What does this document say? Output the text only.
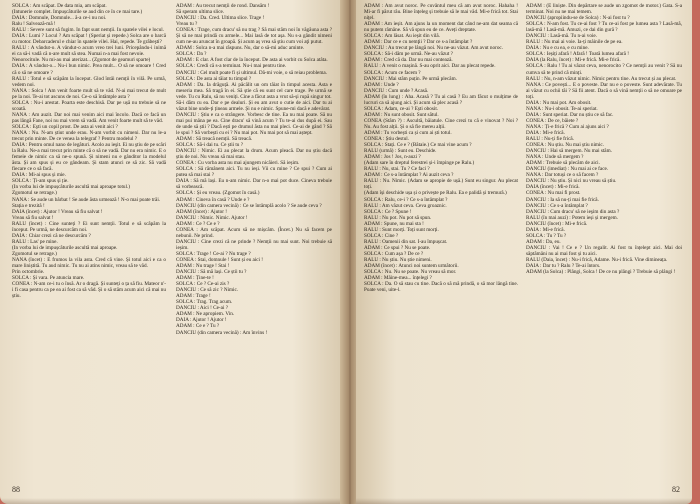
SOLCA : Am scăpat. De data mia, am scăpat.

(Intunerie complet. Impușcăturile se aud din ce în ce mai tare.)

DAIA : Domnule, Domnule... ă-a ce-i nu noi.

Ralu ! Salvează-mă !

RALU : Severe sunt să fugim. In fapt sunt nemții. In spatele vilei e locul.

DAIA : Lumi ? Locul ? Am scăpat ! (Speriat și repede.) Solca are o barcă cu motor. Debarcaderul e chiar în spatele vilei. Hai, repede. Te grăbeşti?

RALU : A vândut-o. A vândut-o acum vreo trei luni. Pricepându-i inimă ei ca să-i vadă că n-are mult să stea. Numai n-a mai fost nevoie.

Nenorocitule. Nu mi-au mai aterizat... (Zgomot de geamuri sparte)

DAIA : A vândut-o... Nu-i bun nimic. Prea mult... O să ne omoare ! Cred că o să ne omoare ?

RALU : Totul e să scăpăm la început. Glod întâi nemții în vilă. Pe urmă, vedem noi.

NANA : Solca ! Am venit foarte mult să te văd. N-ai mai trecut de mult pe la noi. Te-ai tot ascuns de noi. Ce-o să întâmple asta ?

SOLCA : Nu-i arestat. Poarta este deschisă. Dar pe ușă nu trebuie să ne scoată.

NANA : Am auzit. Dar noi mai venim aici mai încolo. Dacă ce facă un pas lângă Fane, noi nu mai vrem să vadă. Am venit foarte mult să te văd.

SOLCA : Eşti un copil prost. De asta ai venit aici ?

NANA : Nu. N-am știut unde erau. N-am vorbit cu nimeni. Dar nu le-a trecut prin minte. De ce venea la telegraf ? Pentru modelul ?

DAIA : Pentru omul nano de legături. Acolo au ieşit. Ei nu ştiu de pe scări la Ralu. Ne-a mai trecut prin minte că o să ne vadă. Dar nu era nimic. E o femeie de nimic ca să ne-o spună. Și nimeni nu e gânditor la modelul ăsta. Și am spus și eu ce gândeam. Și stam atunci ce să zic. Să vadă fiecare ce o să facă.

DAIA : Mi-ai spus și mie.

SOLCA : Ți-am spus și ție.

(In vorba lui de impușcăturile ascultă mai aproape totul.)

Zgomotul se retrage.)

NANA : Se aude un bărbat ! Se aude ăsta urmează ! N-o mai poate trăi.

Stația e trezită !

DAIA (încet) : Ajutor ! Vreau să fiu salvat !

Vreau să fiu salvat !

RALU (încet) : Cine sunteți ? Ei sunt nemții. Totul e să scăpăm la început. Pe urmă, ne descurcăm noi.

DAIA : Chiar crezi că ne descurcăm ?

RALU : Las' pe mine.

(In vorba lui de impușcăturile ascultă mai aproape.

Zgomotul se retrage.)

NANA (încet) : E frumos la vila asta. Cred că vine. Și totul aici e ca o mare liniștită. Tu aud nimic. Tu nu ai atins nimic, vreau să te văd.

Prin octombrie.

SOLCA : Și vara. Pe atuncia mare.

CONEA : N-am ce-i tu o însă. Ar o dragă. Și sunteți o ța să fiu. Mateor n'-i fi casa pentru ca pe ea ai fost ca să văd. Și o să stăm acum aici că mai nu știu.

ADAM : Au trecut nemții de rond. Dansăm !

Să speram ultima slice.

DANCIU : Da. Cred. Ultima slice. Trage !

Vreau tu ?

CONEA : Trage, cum dracu' să nu trag ? Să mai stăm noi în văgăuna asta ? Și să ne mai prindă cu armele... Mai lasă de tot așa. Nu s-a gândit nimeni cum ne-au aruncat în groapă. Și acum aș vrea să ştiu cum voi aţi putut.

ADAM : Solca n-a mai răspuns. Nu, dar o să-mi aduc aminte.

SOLCA : Da ?

ADAM : E clar. A fost clar de la început. De asta ai vorbit cu Solca atâta.

SOLCA : Credi că s-a terminat. Nu-i mai pentru tine.

DANCIU : Cel mult poate fi și ultimul. Dă-mi voie, o să reiau problema.

SOLCA : De asta ai tăiat tu timpul ?

ADAM : Da. Ia drăguță. Ai păcălit un om tăiat în timpul acesta. Asta e meseria mea. Să tragă în ei. Să știe că eu sunt cel care trage. Pe urmă se vede. Tu cu Ralu, să nu veniți. Cine a făcut asta a vrut să-și rupă singur tot.

Să-i dăm cu ea. Dar e pe dealuri. Și eu am avut o cutie de aici. Dar tu ai văzut bine unde-ți țineau armele. Și nu e nimic. Spune-mi dacă e adevărat.

DANCIU : Știu e ca o strângere. Vorbesc de tine. Ea nu mai poate. Să nu mai pui mâna pe ea. Cine dracu' să vină acum ? Tu te-ai dus după ei. Sau de unde să știi ? Dacă ești pe drumul ăsta nu mai pleci. Ce-ai de gând ? Să le spui ? Să vorbești cu ei ? Nu mai pot. Nu mai pot să mai aștept.

ADAM : Să treacă nemții. Să treacă.

SOLCA : Să-i dai tu. Ce știi tu ?

DANCIU : Nimic. Ei au plecat la drum. Acum pleacă. Dar nu știu dacă știu de noi. Nu vreau să mai stau.

CONEA : Cu vorba asta nu mai ajungem nicăieri. Să ieșim.

SOLCA : Să rămânem aici. Tu nu ieși. Vii cu mine ? Ce spui ? Cum ai putea să mai stai ?

DAIA : Să mă lași. Eu n-am nimic. Dar n-o mai pot duce. Cineva trebuie să vorbească.

SOLCA : Și eu vreau. (Zgomot în casă.)

ADAM : Cineva în casă ? Unde e ?

DANCIU (din camera vecină) : Ce se întâmplă acolo ? Se aude ceva ?

ADAM (încet) : Ajutor !

DANCIU : Nimic. Nimic. Ajutor !

ADAM : Ce ? Ce e ?

CONEA : Am scăpat. Acum să ne mișcăm. (Încet.) Nu să facem pe nebunii. Ne prind.

DANCIU : Cine crezi că ne prinde ? Nemții nu mai sunt. Noi trebuie să ieșim.

SOLCA : Trage ! Ce-ai ? Nu trage ?

CONEA : Stai, domnule ! Sunt și eu aici !

ADAM : Nu trage ! Stai !

DANCIU : Să mă lași. Ce știi tu ?

ADAM : Ține-te !

SOLCA : Ce ? Ce-ai zis ?

DANCIU : Ce să zic ? Nimic.

ADAM : Trage !

SOLCA : Trag. Trag acum.

DANCIU : Aici ! Ce-ai ?

ADAM : Ne apropiem. Vin.

DAIA : Ajutor ! Ajutor !

ADAM : Ce e ? Tu ?

DANCIU (din camera vecină) : Am învins !

88

ADAM : Am avut noroc. Pe cuvântul meu că am avut noroc. Hahaha ! Mi-ar fi părut rău. Bine înțeleg și trebuie să le mai văd. Mi-e frică tot. Stai niţel.

ADAM : Am ieșit. Am ajuns la un moment dat când ne-am dat seama că nu putem rămâne. Să vă spun eu de ce. Aveți dreptate.

SOLCA : Am lăsat. Au ieșit din vilă.

ADAM : Dar ce e cu nemţii ? Dar ce s-a întâmplat ?

DANCIU : Au trecut pe lângă noi. Nu ne-au văzut. Am avut noroc.

SOLCA : Să-i dăm pe urmă. Ne-au văzut ?

ADAM : Cred că da. Dar nu mai contează.

RALU : A venit o mașină. S-au oprit aici. Dar au plecat repede.

SOLCA : Acum ce facem ?

DANCIU : Mai stăm puțin. Pe urmă plecăm.

ADAM : Unde ?

DANCIU : Cum unde ? Acasă.

ADAM (în lung) : Aha. Acasă ? Tu ai casă ? Eu am făcut o mulțime de lucruri ca să ajung aici. Și acum să plec acasă ?

SOLCA : Adam, ce-ai ? Ești obosit.

ADAM : Nu sunt obosit. Sunt sătul.

CONEA (Stăm ?) : Ascultă, băiatule. Cine crezi tu că e vinovat ? Noi ? Nu. Au fost alții. Și o să fie mereu alții.

ADAM : Tu vorbești ca și cum ai ști totul.

CONEA : Știu destul.

SOLCA : Stați. Ce e ? (Bătaie.) Ce mai vine acum ?

RALU (urmă) : Sunt eu. Deschide.

ADAM : Jos ! Jos, n-auzi ?

(Adam sare în dreptul ferestrei și-i împinge pe Ralu.)

RALU : Nu, stai. Tu ? Ce faci ?

ADAM : Ce s-a întâmplat ? Ai auzit ceva ?

RALU : Nu. Nimic. (Adam se apropie de ușă.) Sunt eu singur. Au plecat toți.

(Adam își deschide ușa și o privește pe Ralu. Ea e palidă și tremură.)

SOLCA : Ralu, ce-i ? Ce s-a întâmplat ?

RALU : Am văzut ceva. Ceva groaznic.

SOLCA : Ce ? Spune !

RALU : Nu pot. Nu pot să spun.

ADAM : Spune, nu mai sta !

RALU : Sunt morți. Toți sunt morți.

SOLCA : Cine ?

RALU : Oamenii din sat. I-au împușcat.

ADAM : Ce spui ? Nu se poate.

SOLCA : Cum așa ? De ce ?

RALU : Nu știu. Nu știe nimeni.

ADAM (încet) : Atunci noi suntem următorii.

SOLCA : Nu. Nu se poate. Nu vreau să mor.

ADAM : Mâine-mea... înțelegi ?

SOLCA : Da. O să stau cu tine. Dacă o să mă prindă, o să mor lângă tine. Poate veni, uite-l.

ADAM : (E liniște. Din depărtare se aude un zgomot de motor.) Gata. S-a terminat. Noi nu ne mai temem.

DANCIU (apropiindu-se de Solca) : N-ai fost tu ?

SOLCA : N-am fost. Tu ce-ai fost ? Tu ce-ai fost pe lumea asta ? Lasă-mă, lasă-mă ! Lasă-mă. Amuzi, ce dai din gură ?

DANCIU : Lasă-mă. Tu n-ai voie.

RALU : Nu mai ai voie. Ia-ți mâinile de pe ea.

DAIA : Nu e cu ea, e cu mine.

SOLCA : Ieșiți afară ! Afară ! Toată lumea afară !

DAIA (la Ralu, încet) : Mi-e frică. Mi-e frică.

SOLCA : Ralu ! Tu ai văzut ceva, nenorocito ? Ce nemții au venit ? Să nu cumva să te prind că minți.

RALU : Nu, n-am văzut nimic. Nimic pentru tine. Au trecut și au plecat.

NANA : Ce povești... E o poveste. Dar nu e o poveste. Sunt adevărate. Tu ai văzut cu ochii tăi ? Să fii atent. Dacă o să vină nemții o să ne omoare pe toți.

DAIA : Nu mai pot. Am obosit.

NANA : Nu-i obosit. Te-ai speriat.

DAIA : Sunt speriat. Dar nu știu ce să fac.

CONEA : De ce, băiete ?

NANA : Ți-e frică ? Cum ai ajuns aici ?

DAIA : Mi-e frică.

RALU : Nu-ți fie frică.

CONEA : Nu știu. Nu mai știu nimic.

DANCIU : Hai să mergem. Nu mai stăm.

NANA : Unde să mergem ?

ADAM : Trebuie să plecăm de aici.

DANCIU (imediat) : Nu mai ai ce face.

NANA : Dar totuși ce o să facem ?

DANCIU : Nu știu. Și nici nu vreau să știu.

DAIA (încet) : Mi-e frică.

CONEA : Nu mai fi prost.

DANCIU : Ia să nu-ți mai fie frică.

DANCIU : Ce s-a întâmplat ?

DANCIU : Cum dracu' să ne ieşim din asta ?

RALU (în mai auzi) : Potem ieși și mergem.

DANCIU (încet) : Mi-e frică.

DAIA : Mi-e frică.

SOLCA : Tu ? Tu ?

ADAM : Da, eu.

DANCIU : Vai ! Ce e ? Un regalit. Ai fost tu înțelept aici. Mai doi săptămâni nu ai mai fost și tu aici.

RALU (Daia, încet) : Nu-i frică, Adame. Nu-i frică. Vine dimineața.

DAIA : Dar tu ? Ralu ? Te-ai întors.

ADAM (la Solca) : Plângi, Solca ! De ce nu plângi ? Trebuie să plângi !

82
